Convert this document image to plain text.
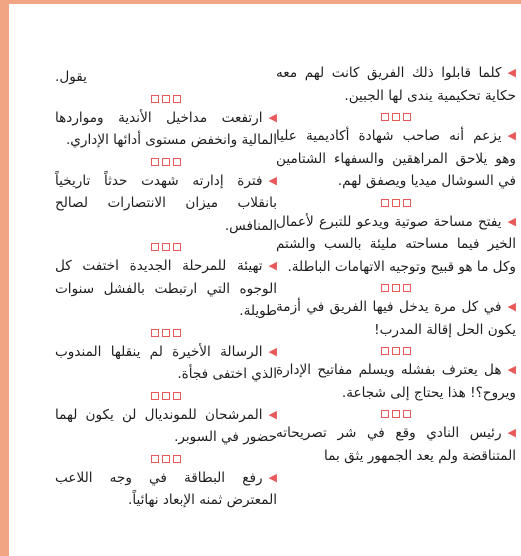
◀كلما قابلوا ذلك الفريق كانت لهم معه حكاية تحكيمية يندى لها الجبين.

◀يزعم أنه صاحب شهادة أكاديمية عليا وهو يلاحق المراهقين والسفهاء الشتامين في السوشال ميديا ويصفق لهم.

◀يفتح مساحة صوتية ويدعو للتبرع لأعمال الخير فيما مساحته مليئة بالسب والشتم وكل ما هو قبيح وتوجيه الاتهامات الباطلة.

◀في كل مرة يدخل فيها الفريق في أزمة يكون الحل إقالة المدرب!

◀هل يعترف بفشله ويسلم مفاتيح الإدارة ويروح؟! هذا يحتاج إلى شجاعة.

◀رئيس النادي وقع في شر تصريحاته المتناقضة ولم يعد الجمهور يثق بما

يقول.

◀ارتفعت مداخيل الأندية ومواردها المالية وانخفض مستوى أدائها الإداري.

◀فترة إدارته شهدت حدثاً تاريخياً بانقلاب ميزان الانتصارات لصالح المنافس.

◀تهيئة للمرحلة الجديدة اختفت كل الوجوه التي ارتبطت بالفشل سنوات طويلة.

◀الرسالة الأخيرة لم ينقلها المندوب الذي اختفى فجأة.

◀المرشحان للمونديال لن يكون لهما حضور في السوبر.

◀رفع البطاقة في وجه اللاعب المعترض ثمنه الإبعاد نهائياً.
